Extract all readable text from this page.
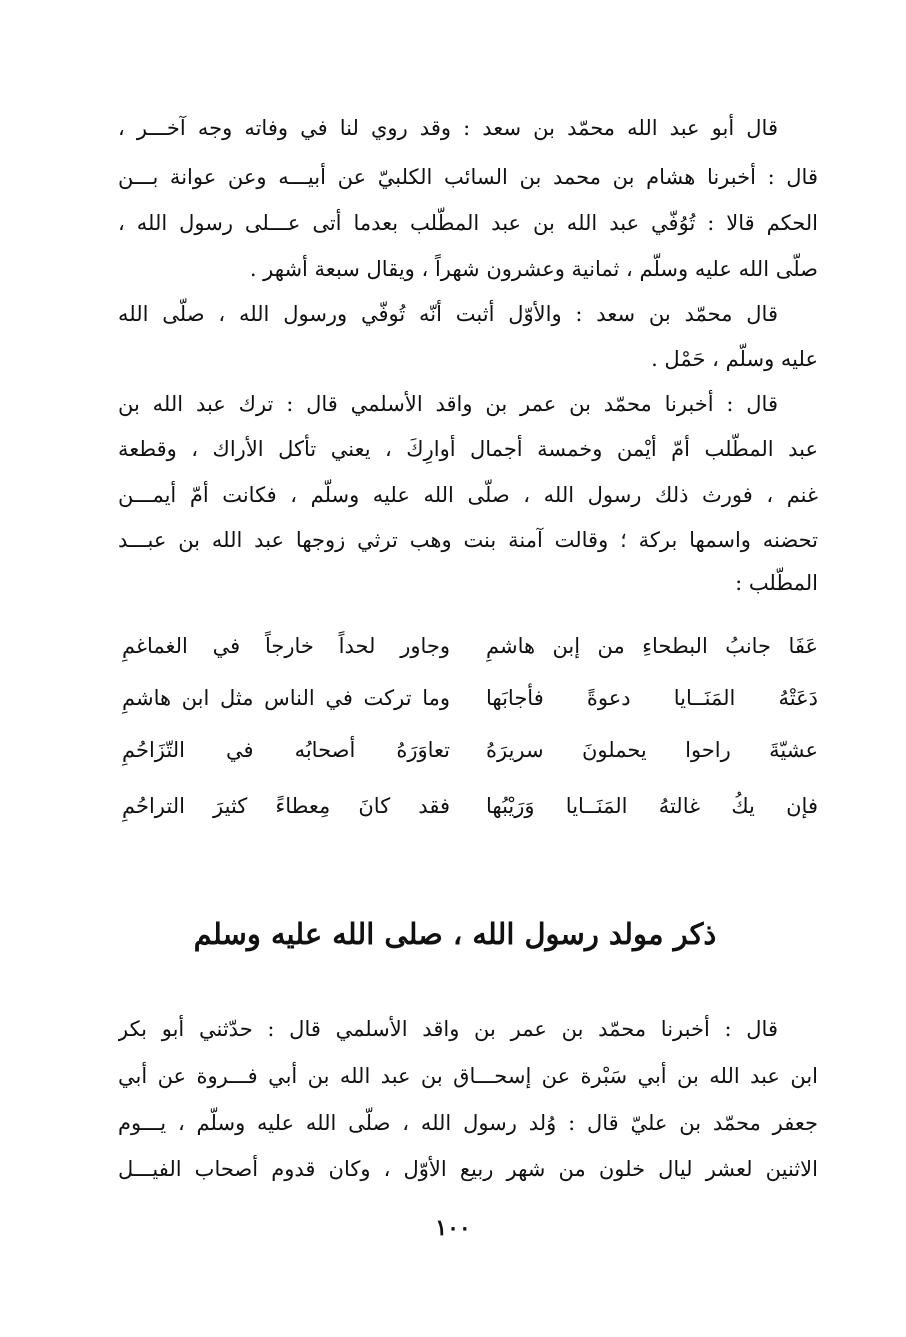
قال أبو عبد الله محمّد بن سعد : وقد روي لنا في وفاته وجه آخـــر ،
قال : أخبرنا هشام بن محمد بن السائب الكلبيّ عن أبيـــه وعن عوانة بـــن
الحكم قالا : تُوُفّي عبد الله بن عبد المطّلب بعدما أتى عـــلى رسول الله ،
صلّى الله عليه وسلّم ، ثمانية وعشرون شهراً ، ويقال سبعة أشهر .
قال محمّد بن سعد : والأوّل أثبت أنّه تُوفّي ورسول الله ، صلّى الله
عليه وسلّم ، حَمْل .
قال : أخبرنا محمّد بن عمر بن واقد الأسلمي قال : ترك عبد الله بن
عبد المطّلب أمّ أيْمن وخمسة أجمال أوارِكَ ، يعني تأكل الأراك ، وقطعة
غنم ، فورث ذلك رسول الله ، صلّى الله عليه وسلّم ، فكانت أمّ أيمـــن
تحضنه واسمها بركة ؛ وقالت آمنة بنت وهب ترثي زوجها عبد الله بن عبـــد
المطّلب :
عَفَا جانبُ البطحاءِ من إبن هاشمِ
وجاور لحداً خارجاً في الغماغمِ
دَعَتْهُ المَنَــايا دعوةً فأجابَها
وما تركت في الناس مثل ابن هاشمِ
عشيّةَ راحوا يحملونَ سريرَهُ
تعاوَرَهُ أصحابُه في التّزَاحُمِ
فإن يكُ غالتهُ المَنَــايا وَرَيْبُها
فقد كانَ مِعطاءً كثيرَ التراحُمِ
ذكر مولد رسول الله ، صلى الله عليه وسلم
قال : أخبرنا محمّد بن عمر بن واقد الأسلمي قال : حدّثني أبو بكر
ابن عبد الله بن أبي سَبْرة عن إسحـــاق بن عبد الله بن أبي فـــروة عن أبي
جعفر محمّد بن عليّ قال : وُلد رسول الله ، صلّى الله عليه وسلّم ، يـــوم
الاثنين لعشر ليال خلون من شهر ربيع الأوّل ، وكان قدوم أصحاب الفيـــل
١٠٠
